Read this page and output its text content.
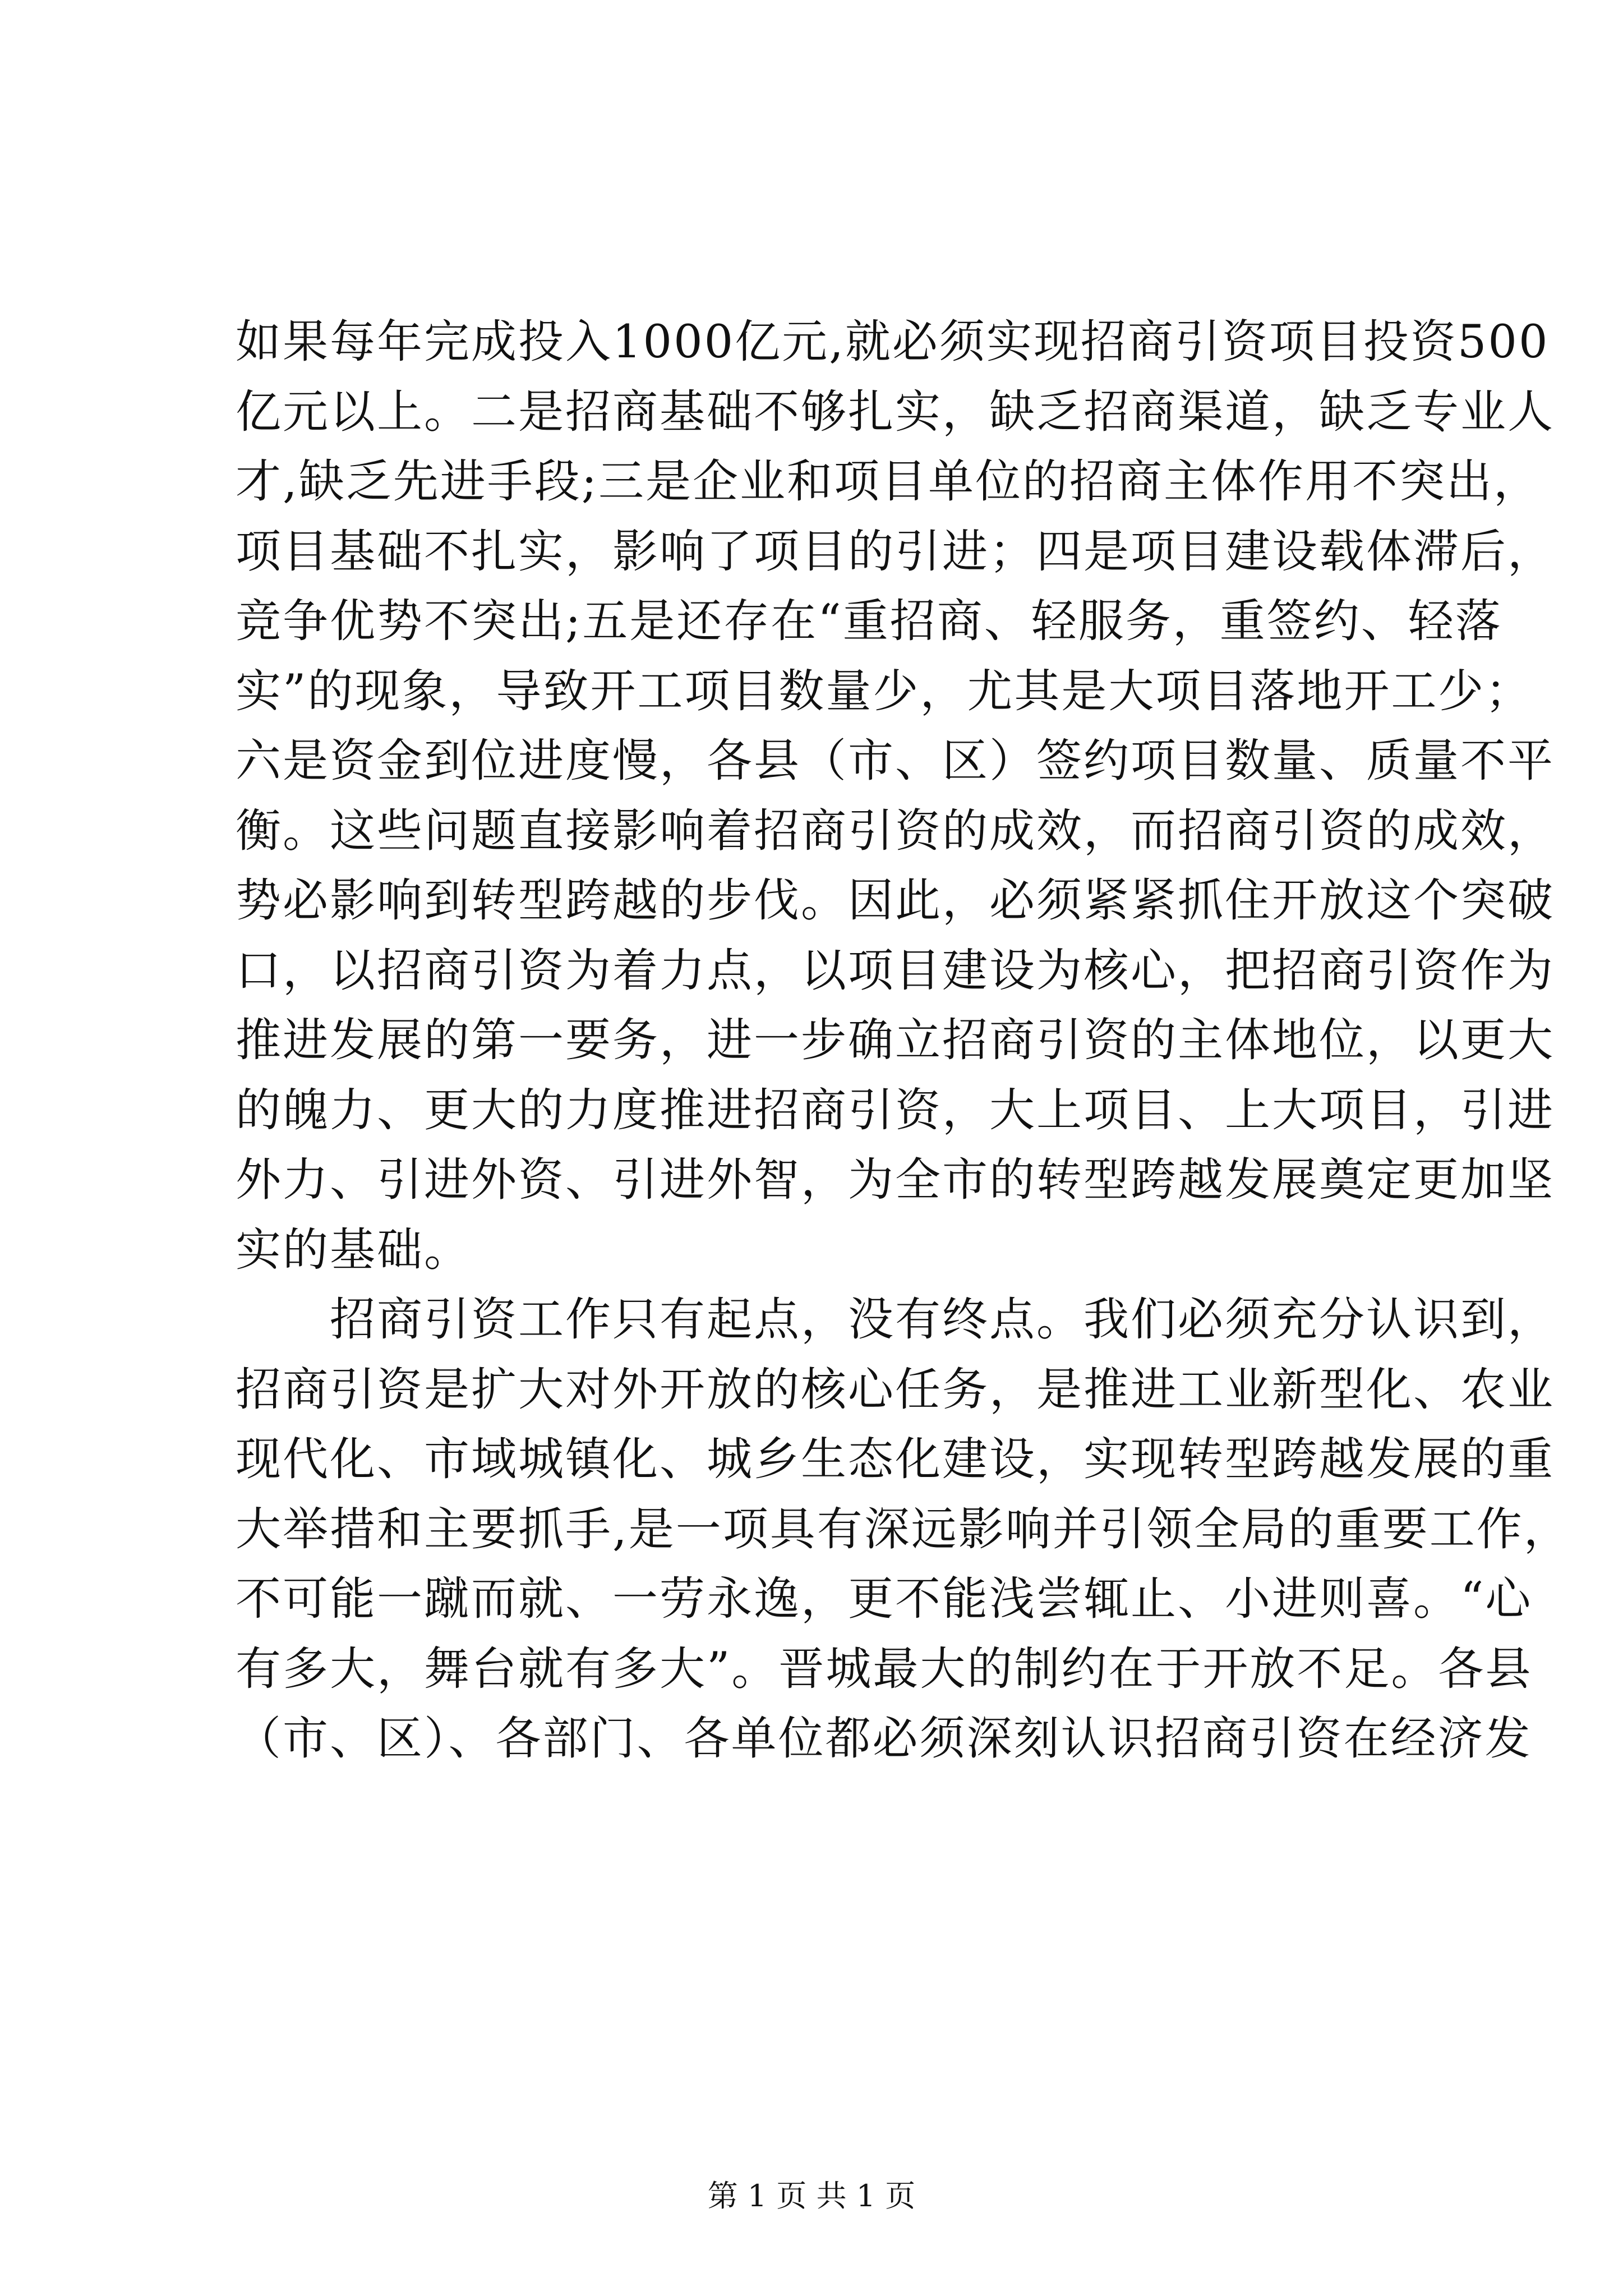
如果每年完成投入1000亿元,就必须实现招商引资项目投资500
亿元以上。二是招商基础不够扎实，缺乏招商渠道，缺乏专业人
才,缺乏先进手段;三是企业和项目单位的招商主体作用不突出，
项目基础不扎实，影响了项目的引进；四是项目建设载体滞后，
竞争优势不突出;五是还存在“重招商、轻服务，重签约、轻落
实”的现象，导致开工项目数量少，尤其是大项目落地开工少；
六是资金到位进度慢，各县（市、区）签约项目数量、质量不平
衡。这些问题直接影响着招商引资的成效，而招商引资的成效，
势必影响到转型跨越的步伐。因此，必须紧紧抓住开放这个突破
口，以招商引资为着力点，以项目建设为核心，把招商引资作为
推进发展的第一要务，进一步确立招商引资的主体地位，以更大
的魄力、更大的力度推进招商引资，大上项目、上大项目，引进
外力、引进外资、引进外智，为全市的转型跨越发展奠定更加坚
实的基础。
　　招商引资工作只有起点，没有终点。我们必须充分认识到，
招商引资是扩大对外开放的核心任务，是推进工业新型化、农业
现代化、市域城镇化、城乡生态化建设，实现转型跨越发展的重
大举措和主要抓手,是一项具有深远影响并引领全局的重要工作，
不可能一蹴而就、一劳永逸，更不能浅尝辄止、小进则喜。“心
有多大，舞台就有多大”。晋城最大的制约在于开放不足。各县
（市、区）、各部门、各单位都必须深刻认识招商引资在经济发
第 1 页 共 1 页
